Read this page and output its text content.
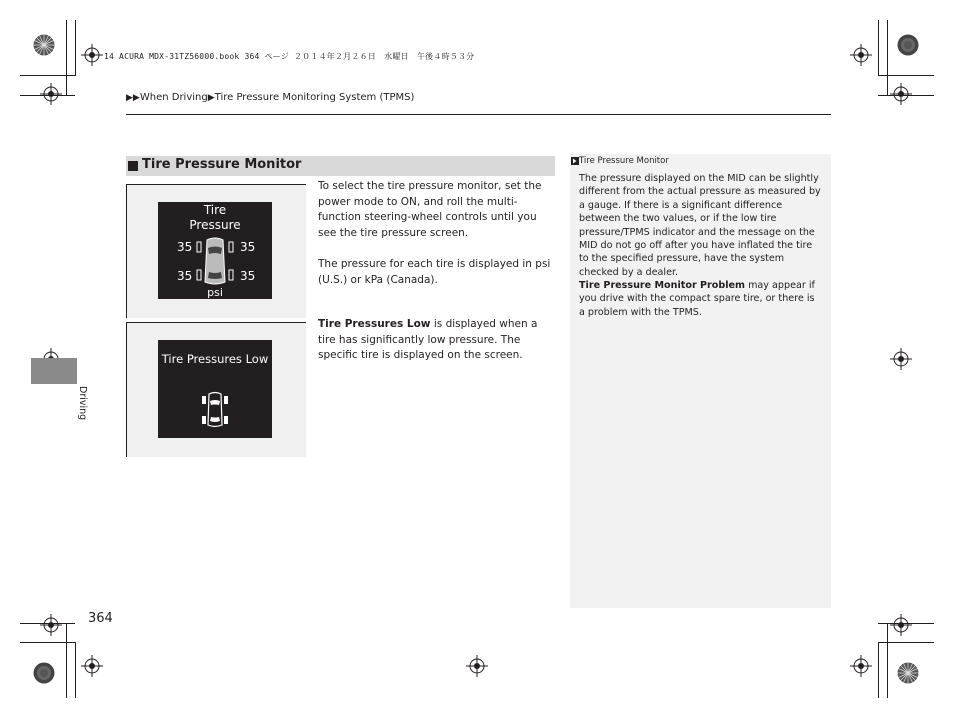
14 ACURA MDX-31TZ56000.book 364 ページ ２０１４年２月２６日　水曜日　午後４時５３分
▶▶When Driving▶Tire Pressure Monitoring System (TPMS)
Tire Pressure Monitor
Tire
Pressure
35	35
35	35
psi
Tire Pressures Low
To select the tire pressure monitor, set the power mode to ON, and roll the multi-function steering-wheel controls until you see the tire pressure screen.
The pressure for each tire is displayed in psi (U.S.) or kPa (Canada).
Tire Pressures Low is displayed when a tire has significantly low pressure. The specific tire is displayed on the screen.
Tire Pressure Monitor
The pressure displayed on the MID can be slightly different from the actual pressure as measured by a gauge. If there is a significant difference between the two values, or if the low tire pressure/TPMS indicator and the message on the MID do not go off after you have inflated the tire to the specified pressure, have the system checked by a dealer.
Tire Pressure Monitor Problem may appear if you drive with the compact spare tire, or there is a problem with the TPMS.
Driving
364
